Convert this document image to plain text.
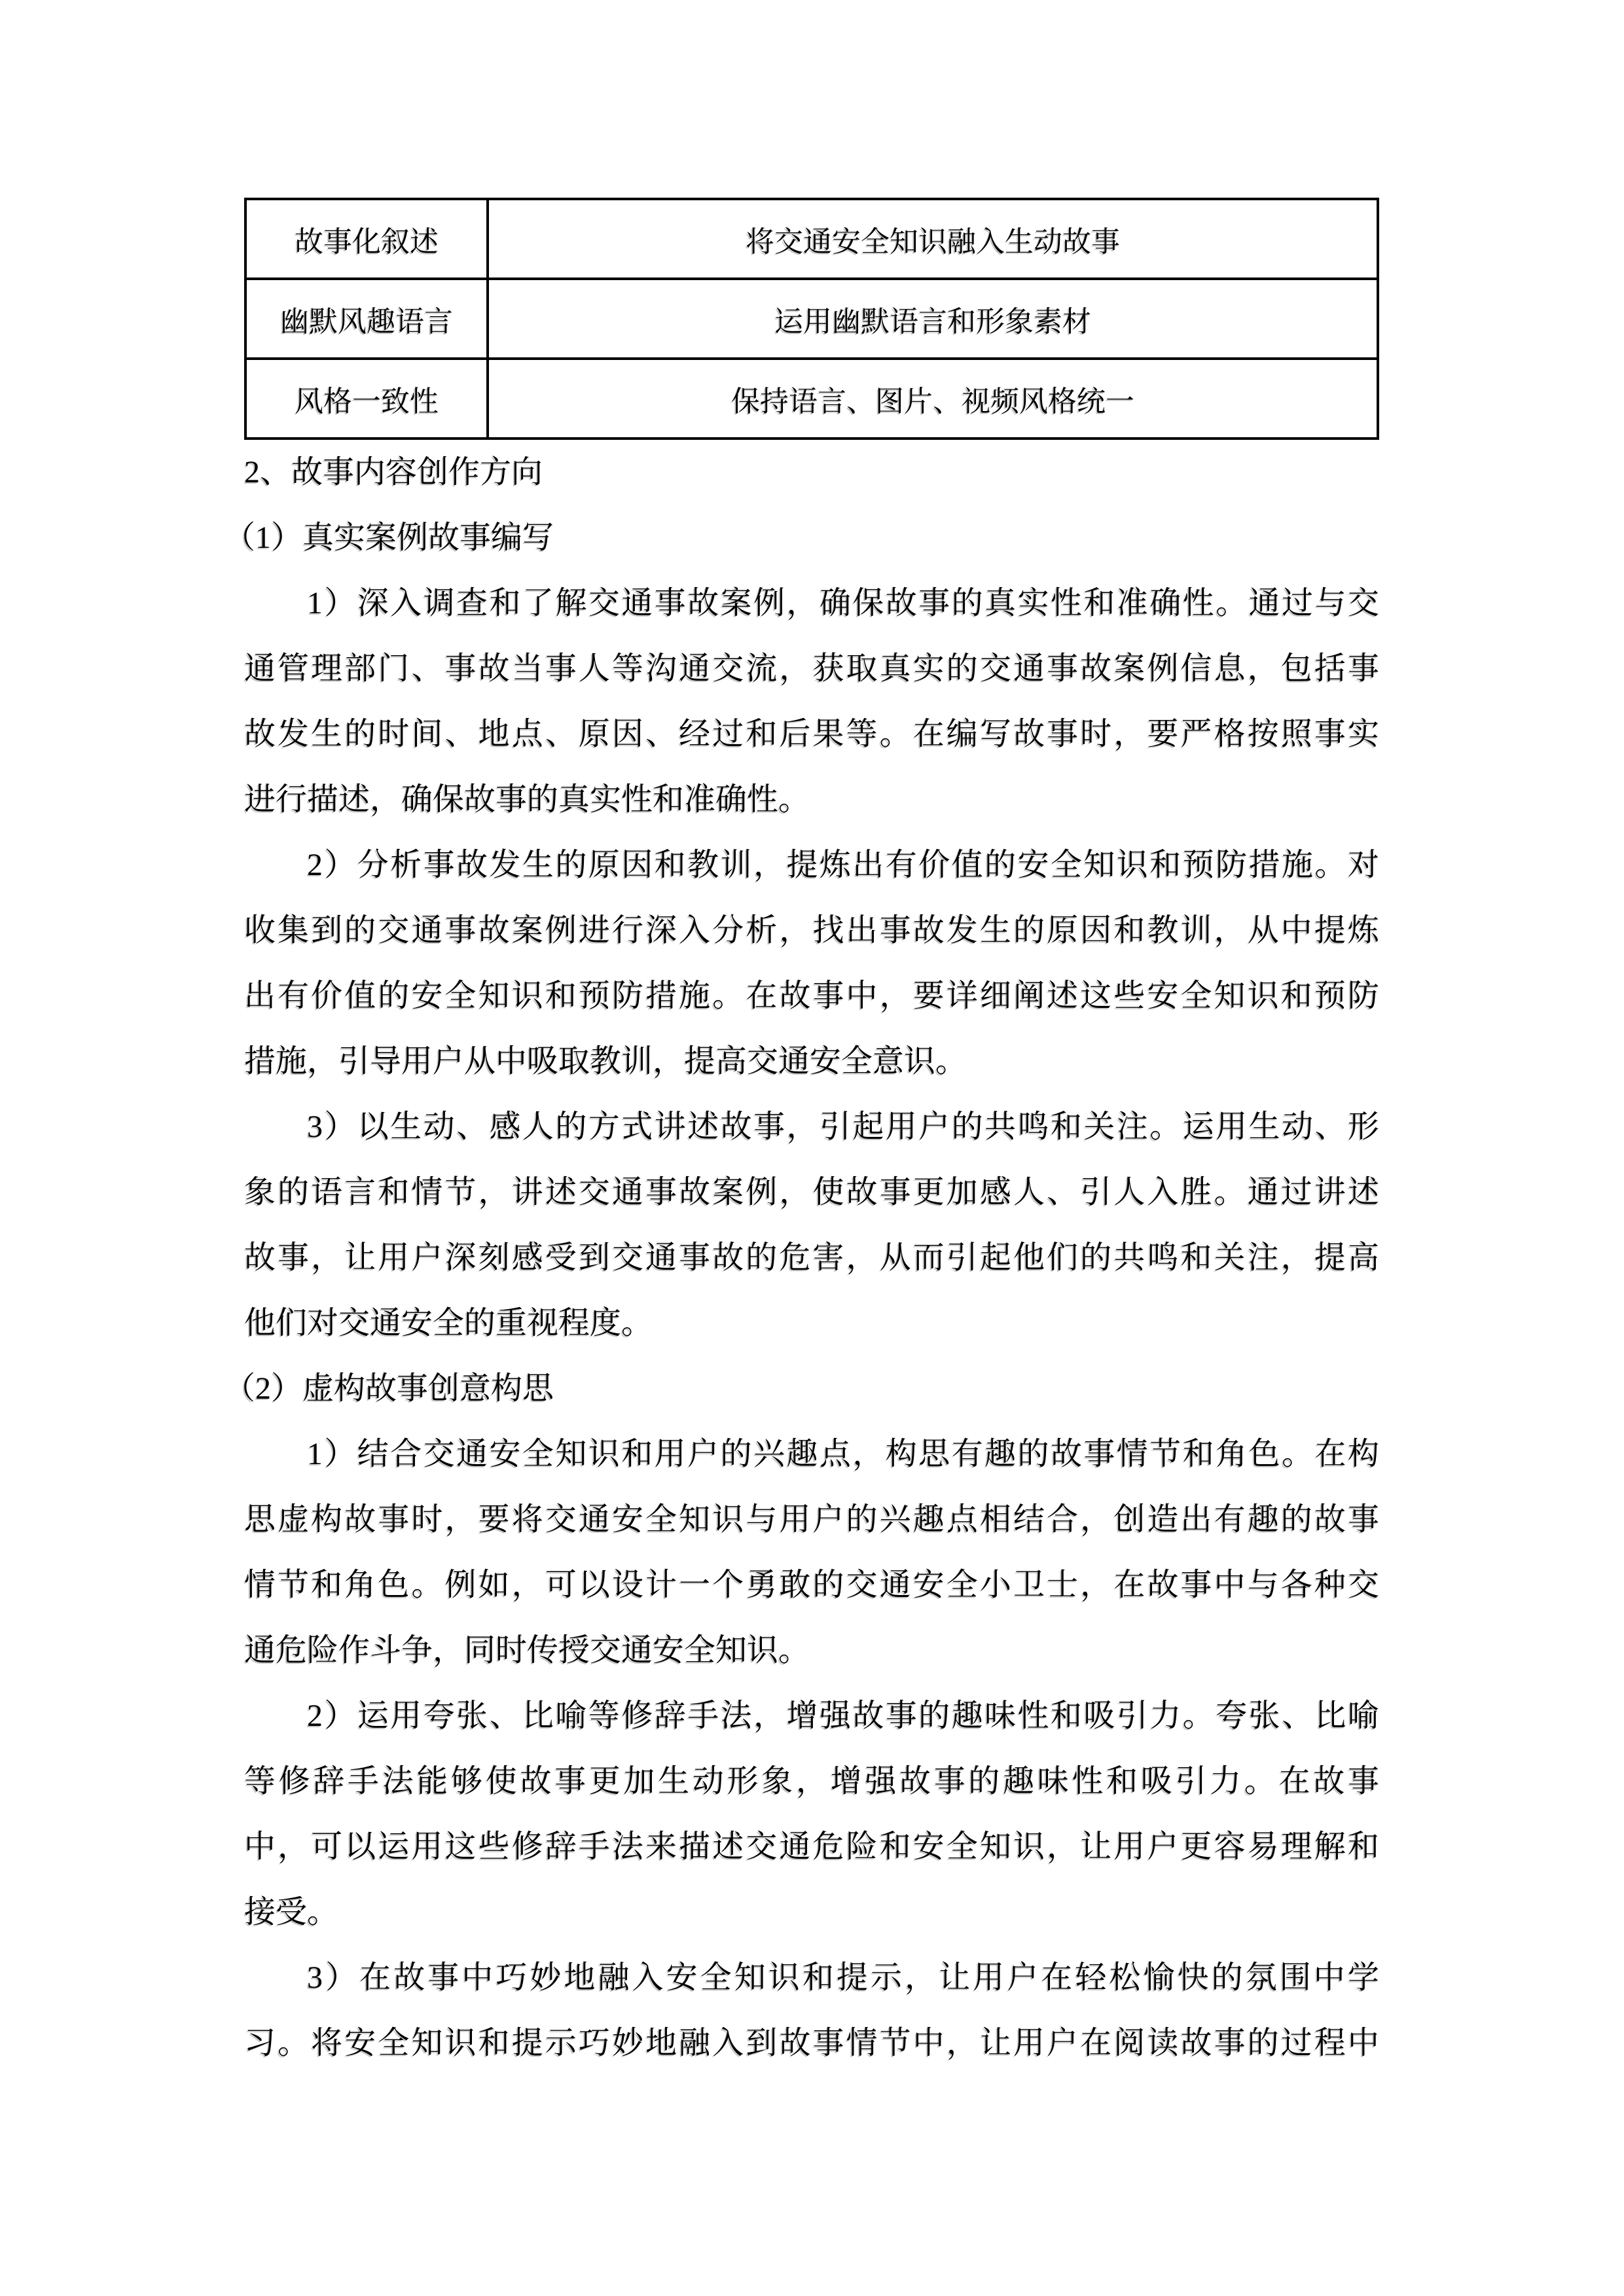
故事化叙述	将交通安全知识融入生动故事
幽默风趣语言	运用幽默语言和形象素材
风格一致性	保持语言、图片、视频风格统一
2、故事内容创作方向
（1）真实案例故事编写
1）深入调查和了解交通事故案例，确保故事的真实性和准确性。通过与交
通管理部门、事故当事人等沟通交流，获取真实的交通事故案例信息，包括事
故发生的时间、地点、原因、经过和后果等。在编写故事时，要严格按照事实
进行描述，确保故事的真实性和准确性。
2）分析事故发生的原因和教训，提炼出有价值的安全知识和预防措施。对
收集到的交通事故案例进行深入分析，找出事故发生的原因和教训，从中提炼
出有价值的安全知识和预防措施。在故事中，要详细阐述这些安全知识和预防
措施，引导用户从中吸取教训，提高交通安全意识。
3）以生动、感人的方式讲述故事，引起用户的共鸣和关注。运用生动、形
象的语言和情节，讲述交通事故案例，使故事更加感人、引人入胜。通过讲述
故事，让用户深刻感受到交通事故的危害，从而引起他们的共鸣和关注，提高
他们对交通安全的重视程度。
（2）虚构故事创意构思
1）结合交通安全知识和用户的兴趣点，构思有趣的故事情节和角色。在构
思虚构故事时，要将交通安全知识与用户的兴趣点相结合，创造出有趣的故事
情节和角色。例如，可以设计一个勇敢的交通安全小卫士，在故事中与各种交
通危险作斗争，同时传授交通安全知识。
2）运用夸张、比喻等修辞手法，增强故事的趣味性和吸引力。夸张、比喻
等修辞手法能够使故事更加生动形象，增强故事的趣味性和吸引力。在故事
中，可以运用这些修辞手法来描述交通危险和安全知识，让用户更容易理解和
接受。
3）在故事中巧妙地融入安全知识和提示，让用户在轻松愉快的氛围中学
习。将安全知识和提示巧妙地融入到故事情节中，让用户在阅读故事的过程中
